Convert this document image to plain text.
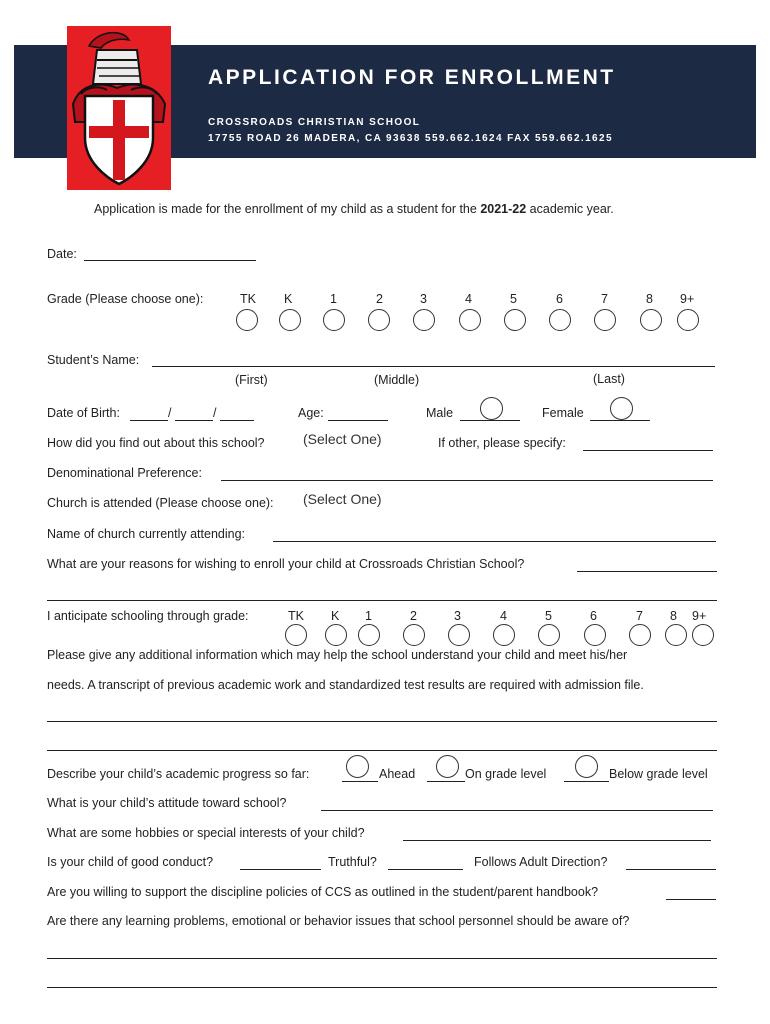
APPLICATION FOR ENROLLMENT
CROSSROADS CHRISTIAN SCHOOL
17755 ROAD 26 MADERA, CA 93638 559.662.1624 FAX 559.662.1625
Application is made for the enrollment of my child as a student for the 2021-22 academic year.
Date:
Grade (Please choose one):	TK K	1	2	3	4	5	6	7	8 9+
Student’s Name:
(First)	(Middle)	(Last)
Date of Birth:	/	/	Age:	Male	Female
How did you find out about this school?	(Select One)	If other, please specify:
Denominational Preference:
Church is attended (Please choose one): (Select One)
Name of church currently attending:
What are your reasons for wishing to enroll your child at Crossroads Christian School?
I anticipate schooling through grade:	TK K 1	2	3	4	5	6	7 8 9+
Please give any additional information which may help the school understand your child and meet his/her
needs. A transcript of previous academic work and standardized test results are required with admission file.
Describe your child’s academic progress so far:	Ahead	On grade level	Below grade level
What is your child’s attitude toward school?
What are some hobbies or special interests of your child?
Is your child of good conduct?	Truthful?	Follows Adult Direction?
Are you willing to support the discipline policies of CCS as outlined in the student/parent handbook?
Are there any learning problems, emotional or behavior issues that school personnel should be aware of?
